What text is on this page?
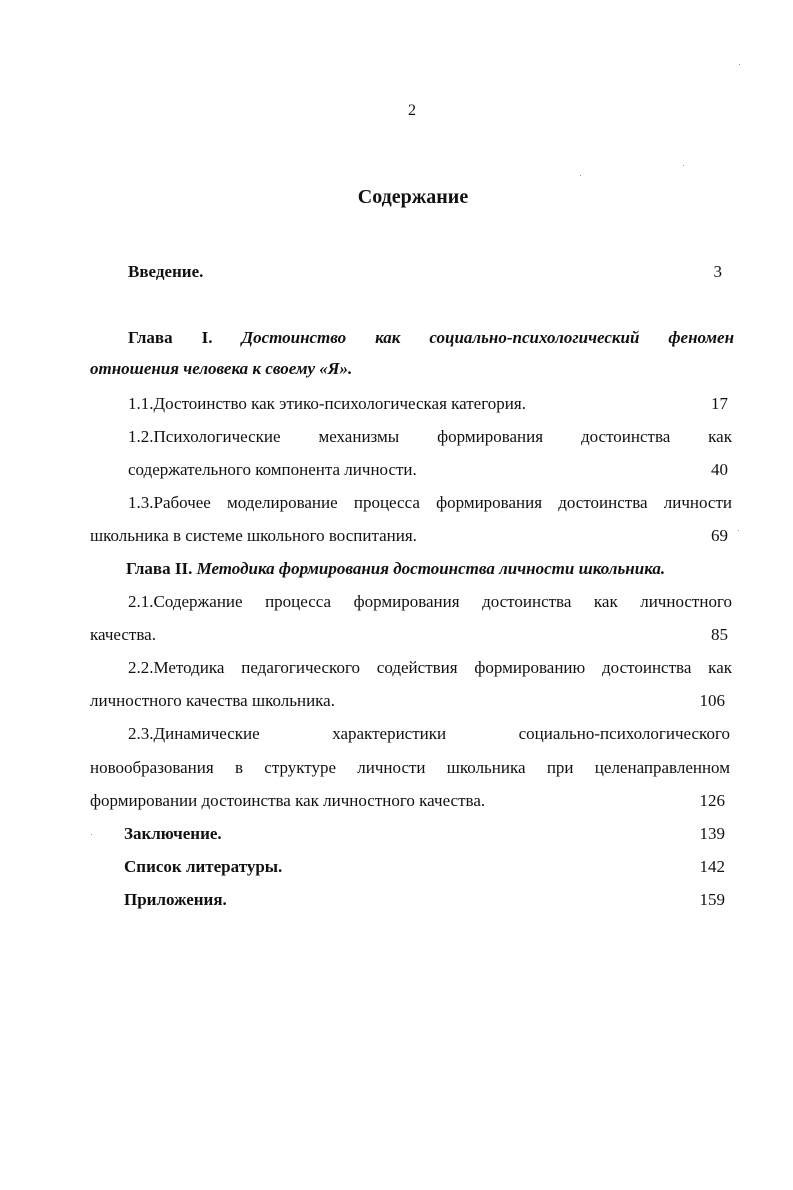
2
Содержание
Введение.	3
Глава I. Достоинство как социально-психологический феномен
отношения человека к своему «Я».
1.1.Достоинство как этико-психологическая категория.	17
1.2.Психологические механизмы формирования достоинства как
содержательного компонента личности.	40
1.3.Рабочее моделирование процесса формирования достоинства личности
школьника в системе школьного воспитания.	69
Глава II. Методика формирования достоинства личности школьника.
2.1.Содержание процесса формирования достоинства как личностного
качества.	85
2.2.Методика педагогического содействия формированию достоинства как
личностного качества школьника.	106
2.3.Динамические характеристики социально-психологического
новообразования в структуре личности школьника при целенаправленном
формировании достоинства как личностного качества.	126
Заключение.	139
Список литературы.	142
Приложения.	159
